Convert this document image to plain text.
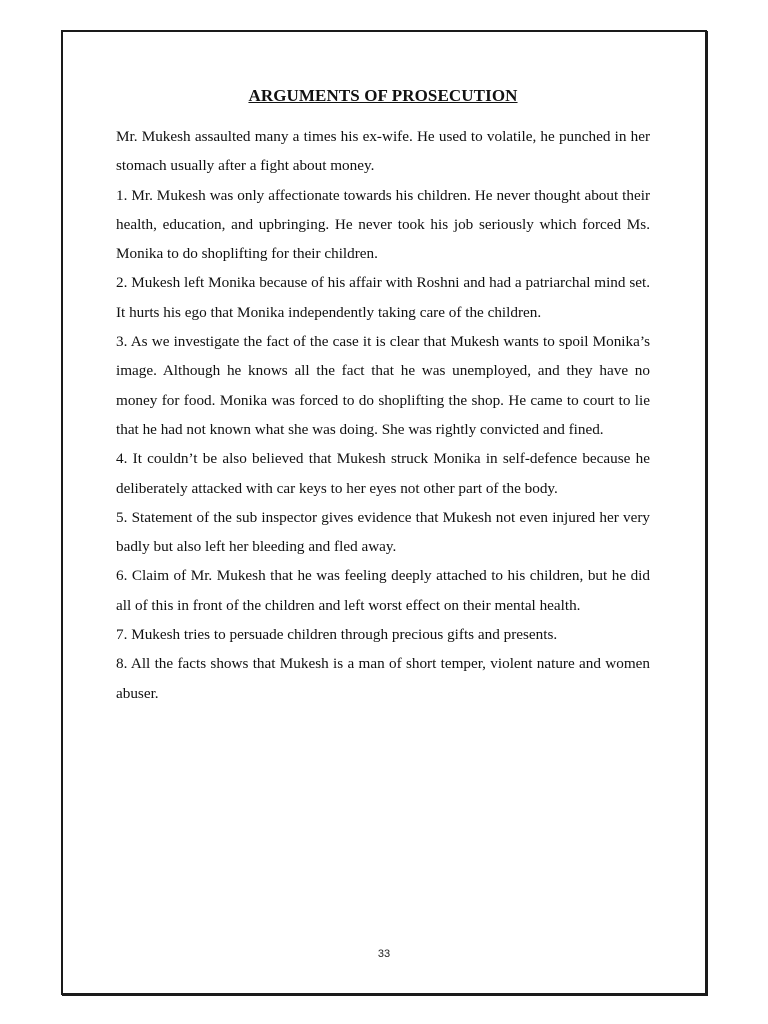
ARGUMENTS OF PROSECUTION

Mr. Mukesh assaulted many a times his ex-wife. He used to volatile, he punched in her stomach usually after a fight about money.

1. Mr. Mukesh was only affectionate towards his children. He never thought about their health, education, and upbringing. He never took his job seriously which forced Ms. Monika to do shoplifting for their children.

2. Mukesh left Monika because of his affair with Roshni and had a patriarchal mind set. It hurts his ego that Monika independently taking care of the children.

3. As we investigate the fact of the case it is clear that Mukesh wants to spoil Monika’s image. Although he knows all the fact that he was unemployed, and they have no money for food. Monika was forced to do shoplifting the shop. He came to court to lie that he had not known what she was doing. She was rightly convicted and fined.

4. It couldn’t be also believed that Mukesh struck Monika in self-defence because he deliberately attacked with car keys to her eyes not other part of the body.

5. Statement of the sub inspector gives evidence that Mukesh not even injured her very badly but also left her bleeding and fled away.

6. Claim of Mr. Mukesh that he was feeling deeply attached to his children, but he did all of this in front of the children and left worst effect on their mental health.

7. Mukesh tries to persuade children through precious gifts and presents.

8. All the facts shows that Mukesh is a man of short temper, violent nature and women abuser.

33
